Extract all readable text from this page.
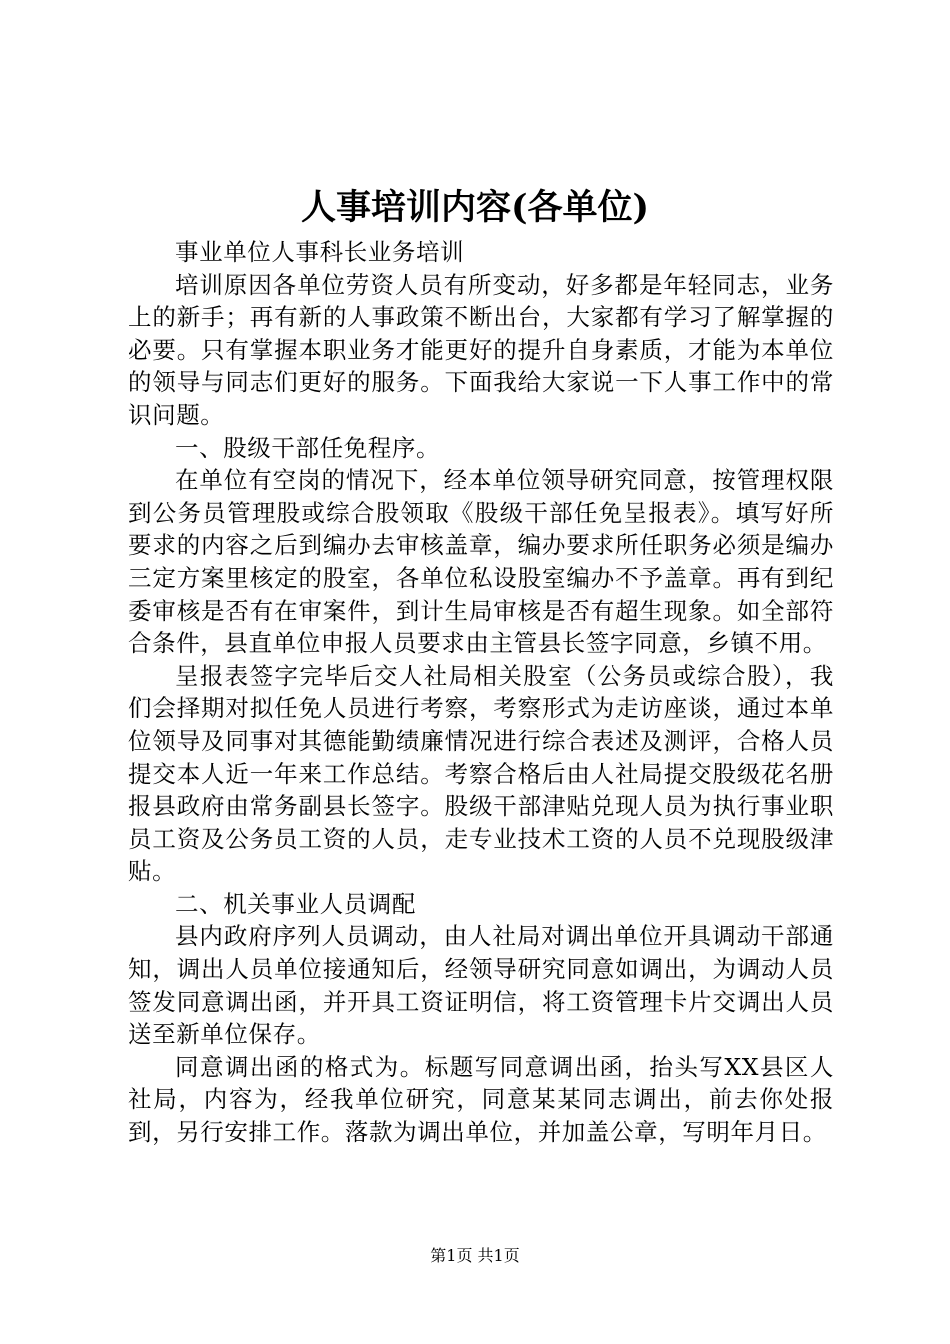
人事培训内容(各单位)

事业单位人事科长业务培训

培训原因各单位劳资人员有所变动，好多都是年轻同志，业务上的新手；再有新的人事政策不断出台，大家都有学习了解掌握的必要。只有掌握本职业务才能更好的提升自身素质，才能为本单位的领导与同志们更好的服务。下面我给大家说一下人事工作中的常识问题。

一、股级干部任免程序。

在单位有空岗的情况下，经本单位领导研究同意，按管理权限到公务员管理股或综合股领取《股级干部任免呈报表》。填写好所要求的内容之后到编办去审核盖章，编办要求所任职务必须是编办三定方案里核定的股室，各单位私设股室编办不予盖章。再有到纪委审核是否有在审案件，到计生局审核是否有超生现象。如全部符合条件，县直单位申报人员要求由主管县长签字同意，乡镇不用。

呈报表签字完毕后交人社局相关股室（公务员或综合股），我们会择期对拟任免人员进行考察，考察形式为走访座谈，通过本单位领导及同事对其德能勤绩廉情况进行综合表述及测评，合格人员提交本人近一年来工作总结。考察合格后由人社局提交股级花名册报县政府由常务副县长签字。股级干部津贴兑现人员为执行事业职员工资及公务员工资的人员，走专业技术工资的人员不兑现股级津贴。

二、机关事业人员调配

县内政府序列人员调动，由人社局对调出单位开具调动干部通知，调出人员单位接通知后，经领导研究同意如调出，为调动人员签发同意调出函，并开具工资证明信，将工资管理卡片交调出人员送至新单位保存。

同意调出函的格式为。标题写同意调出函，抬头写XX县区人社局，内容为，经我单位研究，同意某某同志调出，前去你处报到，另行安排工作。落款为调出单位，并加盖公章，写明年月日。

第1页 共1页
